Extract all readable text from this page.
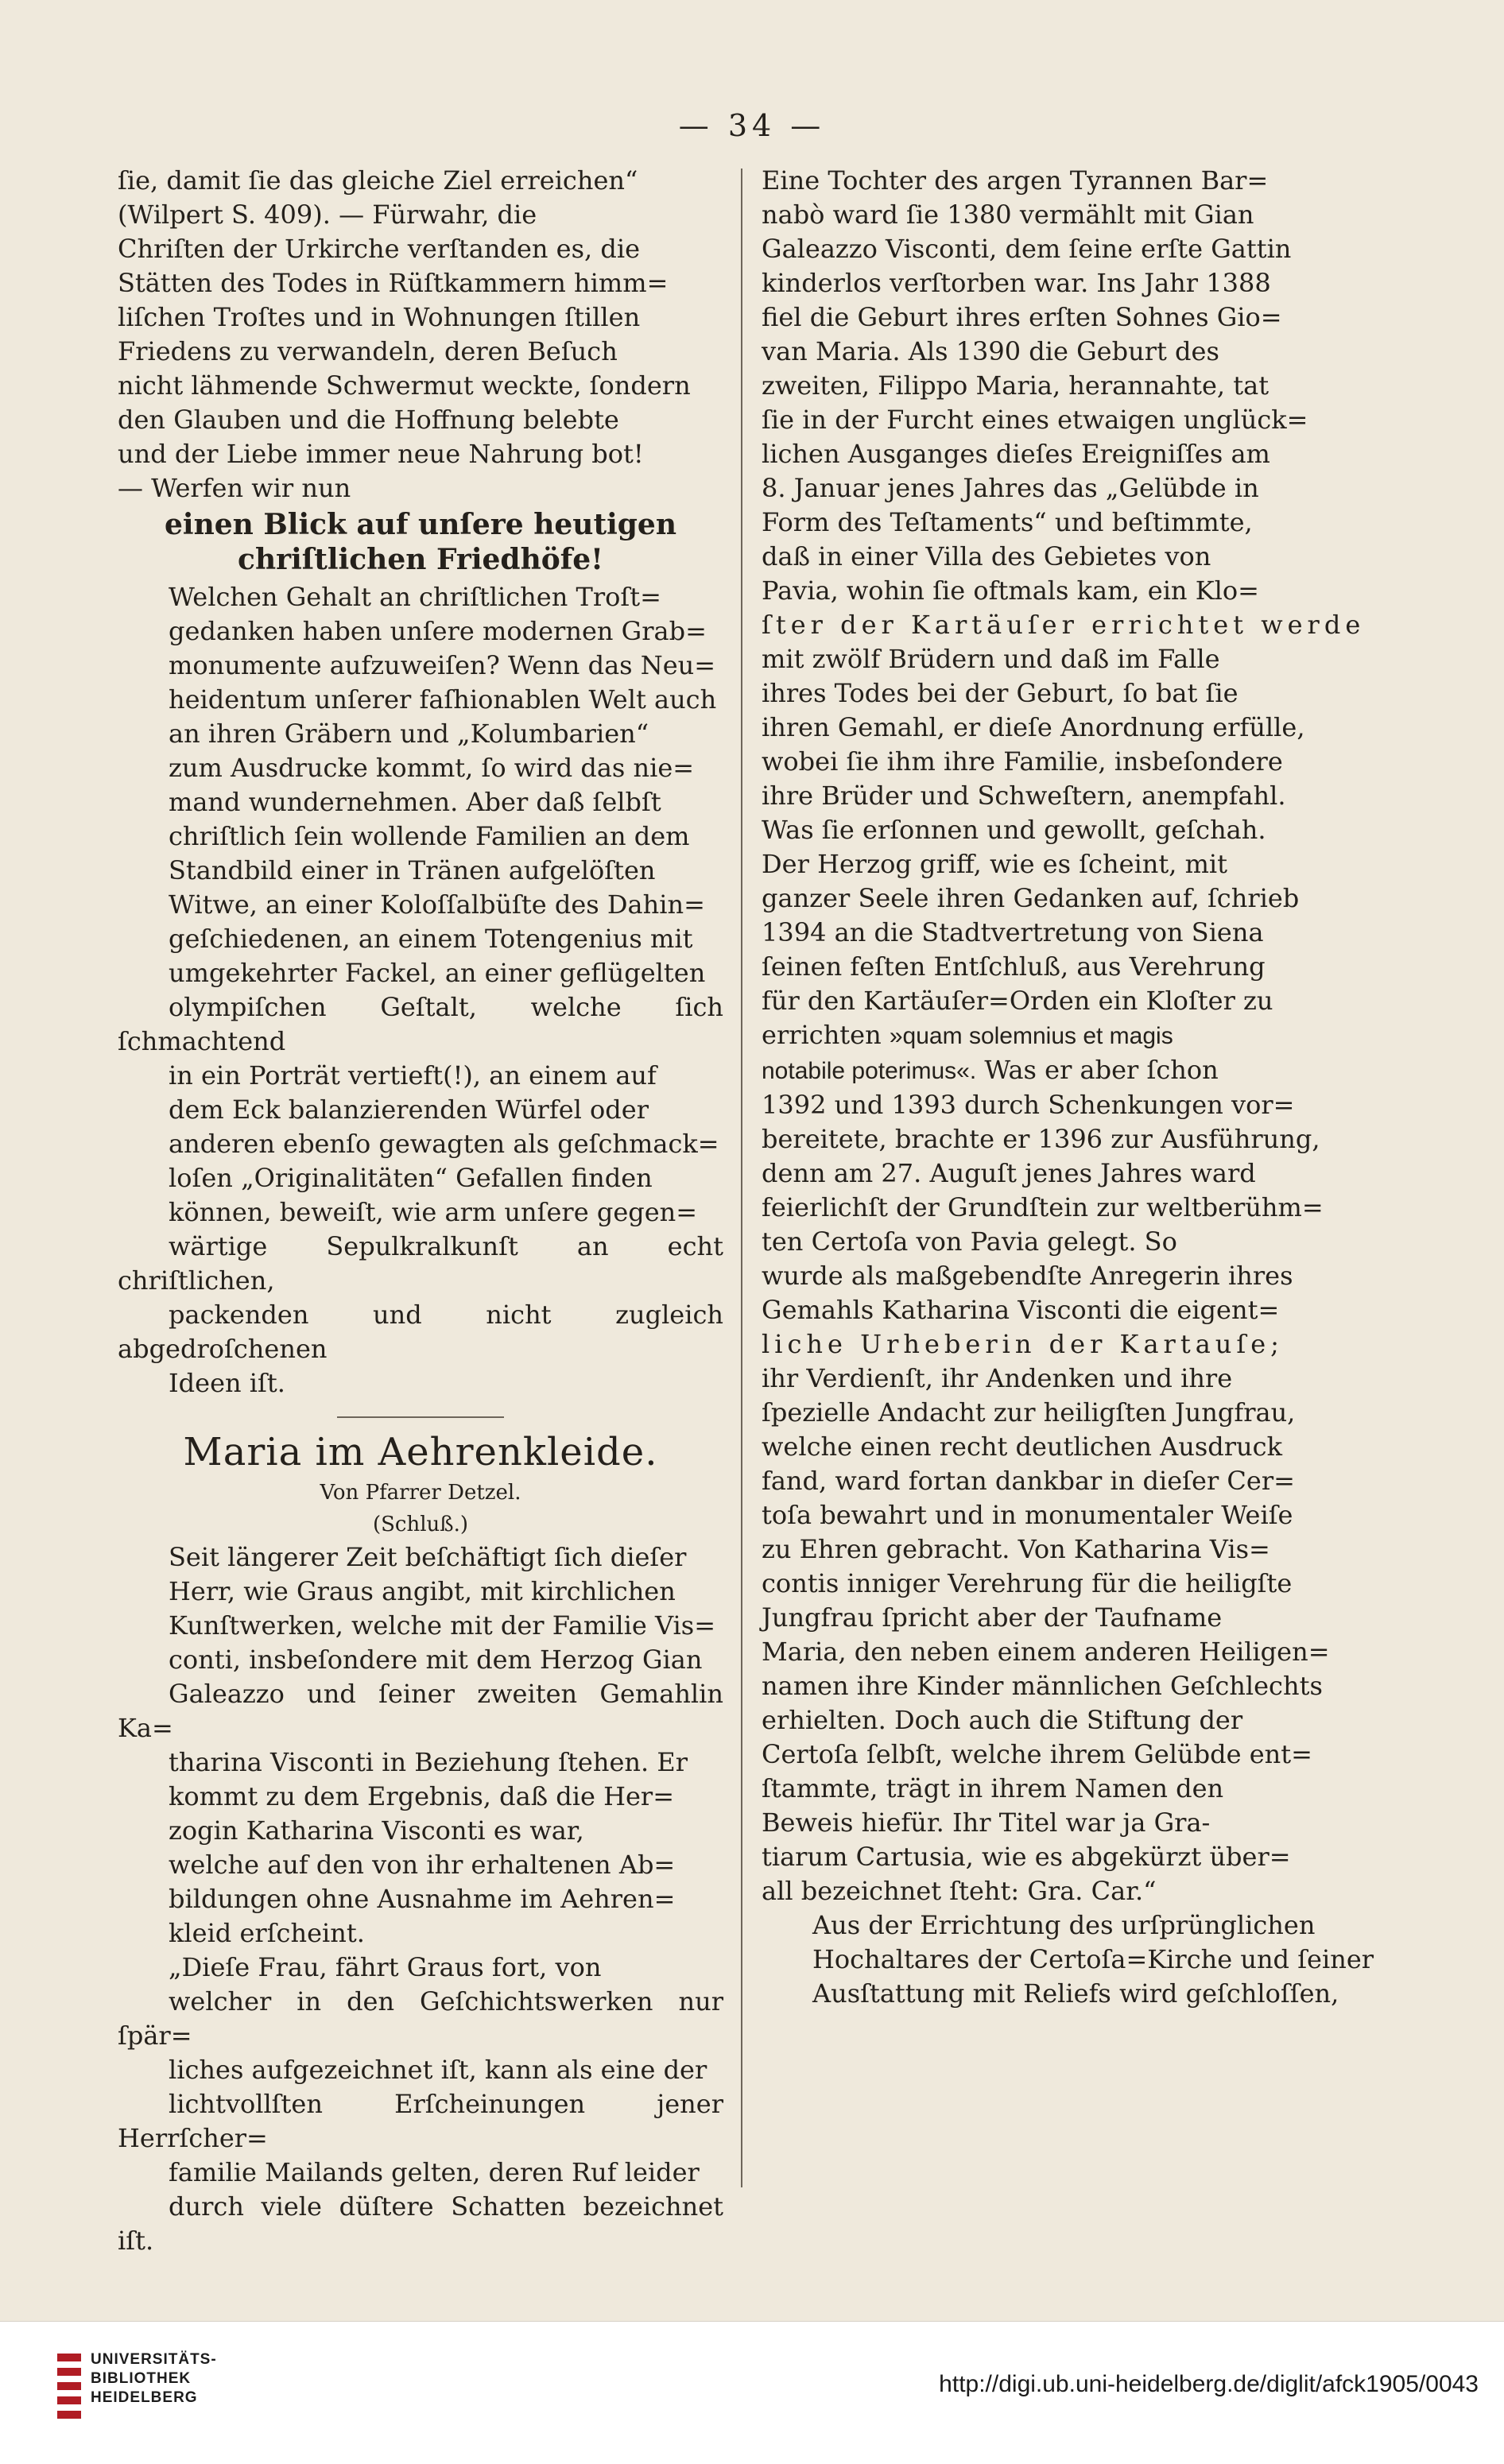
— 34 —

ſie, damit ſie das gleiche Ziel erreichen“
(Wilpert S. 409). — Fürwahr, die
Chriſten der Urkirche verſtanden es, die
Stätten des Todes in Rüſtkammern himm=
liſchen Troſtes und in Wohnungen ſtillen
Friedens zu verwandeln, deren Beſuch
nicht lähmende Schwermut weckte, ſondern
den Glauben und die Hoffnung belebte
und der Liebe immer neue Nahrung bot!
— Werfen wir nun

einen Blick auf unſere heutigen
chriſtlichen Friedhöfe!

Welchen Gehalt an chriſtlichen Troſt=
gedanken haben unſere modernen Grab=
monumente aufzuweiſen? Wenn das Neu=
heidentum unſerer faſhionablen Welt auch
an ihren Gräbern und „Kolumbarien“
zum Ausdrucke kommt, ſo wird das nie=
mand wundernehmen. Aber daß ſelbſt
chriſtlich ſein wollende Familien an dem
Standbild einer in Tränen aufgelöſten
Witwe, an einer Koloſſalbüſte des Dahin=
geſchiedenen, an einem Totengenius mit
umgekehrter Fackel, an einer geflügelten
olympiſchen Geſtalt, welche ſich ſchmachtend
in ein Porträt vertieft(!), an einem auf
dem Eck balanzierenden Würfel oder
anderen ebenſo gewagten als geſchmack=
loſen „Originalitäten“ Gefallen finden
können, beweiſt, wie arm unſere gegen=
wärtige Sepulkralkunſt an echt chriſtlichen,
packenden und nicht zugleich abgedroſchenen
Ideen iſt.

Maria im Aehrenkleide.
Von Pfarrer Detzel.
(Schluß.)

Seit längerer Zeit beſchäftigt ſich dieſer
Herr, wie Graus angibt, mit kirchlichen
Kunſtwerken, welche mit der Familie Vis=
conti, insbeſondere mit dem Herzog Gian
Galeazzo und ſeiner zweiten Gemahlin Ka=
tharina Visconti in Beziehung ſtehen. Er
kommt zu dem Ergebnis, daß die Her=
zogin Katharina Visconti es war,
welche auf den von ihr erhaltenen Ab=
bildungen ohne Ausnahme im Aehren=
kleid erſcheint.

„Dieſe Frau, fährt Graus fort, von
welcher in den Geſchichtswerken nur ſpär=
liches aufgezeichnet iſt, kann als eine der
lichtvollſten Erſcheinungen jener Herrſcher=
familie Mailands gelten, deren Ruf leider
durch viele düſtere Schatten bezeichnet iſt.

Eine Tochter des argen Tyrannen Bar=
nabò ward ſie 1380 vermählt mit Gian
Galeazzo Visconti, dem ſeine erſte Gattin
kinderlos verſtorben war. Ins Jahr 1388
fiel die Geburt ihres erſten Sohnes Gio=
van Maria. Als 1390 die Geburt des
zweiten, Filippo Maria, herannahte, tat
ſie in der Furcht eines etwaigen unglück=
lichen Ausganges dieſes Ereigniſſes am
8. Januar jenes Jahres das „Gelübde in
Form des Teſtaments“ und beſtimmte,
daß in einer Villa des Gebietes von
Pavia, wohin ſie oftmals kam, ein Klo=
ſter der Kartäuſer errichtet werde
mit zwölf Brüdern und daß im Falle
ihres Todes bei der Geburt, ſo bat ſie
ihren Gemahl, er dieſe Anordnung erfülle,
wobei ſie ihm ihre Familie, insbeſondere
ihre Brüder und Schweſtern, anempfahl.
Was ſie erſonnen und gewollt, geſchah.
Der Herzog griff, wie es ſcheint, mit
ganzer Seele ihren Gedanken auf, ſchrieb
1394 an die Stadtvertretung von Siena
ſeinen feſten Entſchluß, aus Verehrung
für den Kartäuſer=Orden ein Kloſter zu
errichten »quam solemnius et magis
notabile poterimus«. Was er aber ſchon
1392 und 1393 durch Schenkungen vor=
bereitete, brachte er 1396 zur Ausführung,
denn am 27. Auguſt jenes Jahres ward
feierlichſt der Grundſtein zur weltberühm=
ten Certoſa von Pavia gelegt. So
wurde als maßgebendſte Anregerin ihres
Gemahls Katharina Visconti die eigent=
liche Urheberin der Kartauſe;
ihr Verdienſt, ihr Andenken und ihre
ſpezielle Andacht zur heiligſten Jungfrau,
welche einen recht deutlichen Ausdruck
fand, ward fortan dankbar in dieſer Cer=
toſa bewahrt und in monumentaler Weiſe
zu Ehren gebracht. Von Katharina Vis=
contis inniger Verehrung für die heiligſte
Jungfrau ſpricht aber der Taufname
Maria, den neben einem anderen Heiligen=
namen ihre Kinder männlichen Geſchlechts
erhielten. Doch auch die Stiftung der
Certoſa ſelbſt, welche ihrem Gelübde ent=
ſtammte, trägt in ihrem Namen den
Beweis hiefür. Ihr Titel war ja Gra-
tiarum Cartusia, wie es abgekürzt über=
all bezeichnet ſteht: Gra. Car.“

Aus der Errichtung des urſprünglichen
Hochaltares der Certoſa=Kirche und ſeiner
Ausſtattung mit Reliefs wird geſchloſſen,

UNIVERSITÄTS-
BIBLIOTHEK
HEIDELBERG
http://digi.ub.uni-heidelberg.de/diglit/afck1905/0043
